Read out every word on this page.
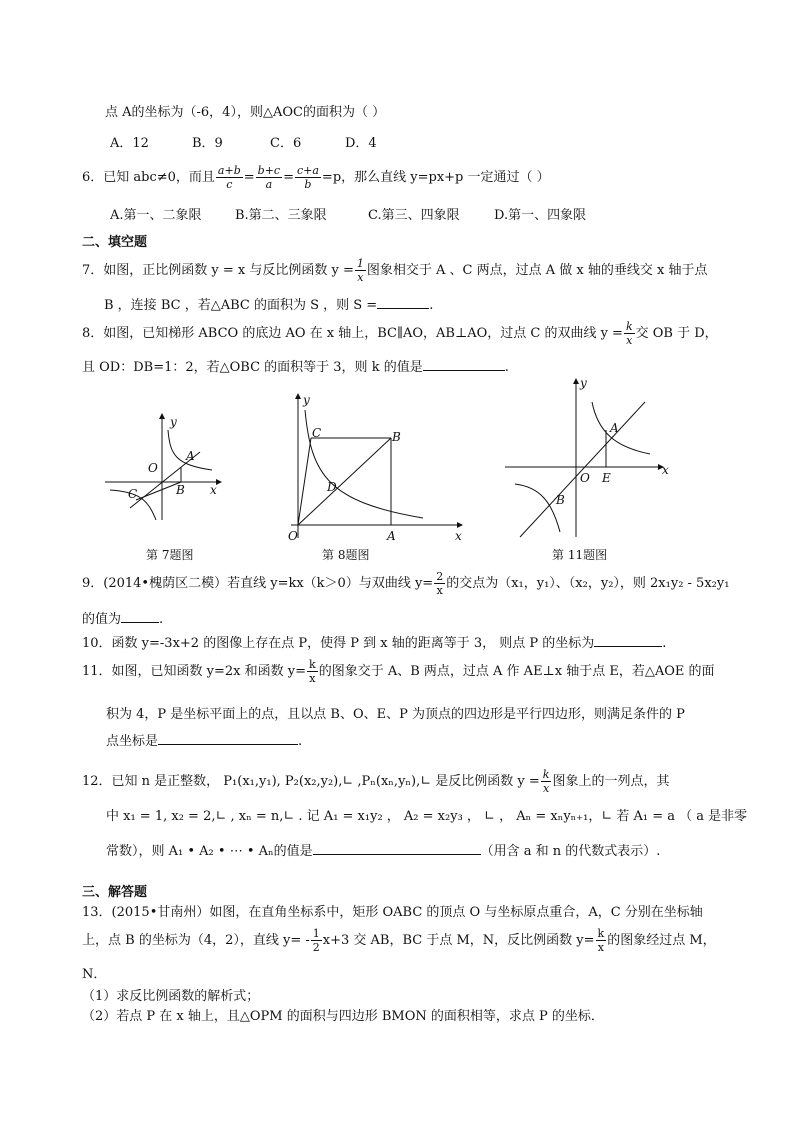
点 A的坐标为（-6，4），则△AOC的面积为（ ）
A．12	B．9	C．6	D．4
6．已知 abc≠0，而且 $\frac{a+b}{c} = \frac{b+c}{a} = \frac{c+a}{b} =p$，那么直线 y=px+p 一定通过（ ）
A.第一、二象限	B.第二、三象限	C.第三、四象限	D.第一、四象限
二、填空题
7．如图，正比例函数 y = x 与反比例函数 $y = \frac{1}{x}$ 图象相交于 A 、C 两点，过点 A 做 x 轴的垂线交 x 轴于点
B ，连接 BC ，若△ABC 的面积为 S ，则 S =	.
8．如图，已知梯形 ABCO 的底边 AO 在 x 轴上，BC∥AO，AB⊥AO，过点 C 的双曲线 $y = \frac{k}{x}$ 交 OB 于 D，
且 OD：DB=1：2，若△OBC 的面积等于 3，则 k 的值是	.
y
A
O
B
C	x
第 7题图
y
C	B
D
O	A	x
第 8题图
y
A
O E
x
B
第 11题图
9．(2014•槐荫区二模）若直线 y=kx（k＞0）与双曲线 $y= \frac{2}{x}$ 的交点为（x₁，y₁）、（x₂，y₂），则 2x₁y₂ - 5x₂y₁
的值为	.
10．函数 y=-3x+2 的图像上存在点 P，使得 P 到 x 轴的距离等于 3， 则点 P 的坐标为	.
11．如图，已知函数 y=2x 和函数 $y= \frac{k}{x}$ 的图象交于 A、B 两点，过点 A 作 AE⊥x 轴于点 E，若△AOE 的面
积为 4，P 是坐标平面上的点，且以点 B、O、E、P 为顶点的四边形是平行四边形，则满足条件的 P
点坐标是	.
12．已知 n 是正整数， P₁(x₁,y₁), P₂(x₂,y₂),∟ ,Pₙ(xₙ,yₙ),∟ 是反比例函数 $y = \frac{k}{x}$ 图象上的一列点，其
中 x₁ = 1, x₂ = 2,∟ , xₙ = n,∟ . 记 A₁ = x₁y₂ ， A₂ = x₂y₃ ， ∟ ， Aₙ = xₙyₙ₊₁，∟ 若 A₁ = a （ a 是非零
常数），则 A₁ • A₂ • ⋯ • Aₙ的值是	（用含 a 和 n 的代数式表示）.
三、解答题
13．(2015•甘南州）如图，在直角坐标系中，矩形 OABC 的顶点 O 与坐标原点重合，A，C 分别在坐标轴
上，点 B 的坐标为（4，2），直线 $y= - \frac{1}{2} x+3$ 交 AB，BC 于点 M，N，反比例函数 $y= \frac{k}{x}$ 的图象经过点 M，
N．
（1）求反比例函数的解析式；
（2）若点 P 在 x 轴上，且△OPM 的面积与四边形 BMON 的面积相等，求点 P 的坐标．
